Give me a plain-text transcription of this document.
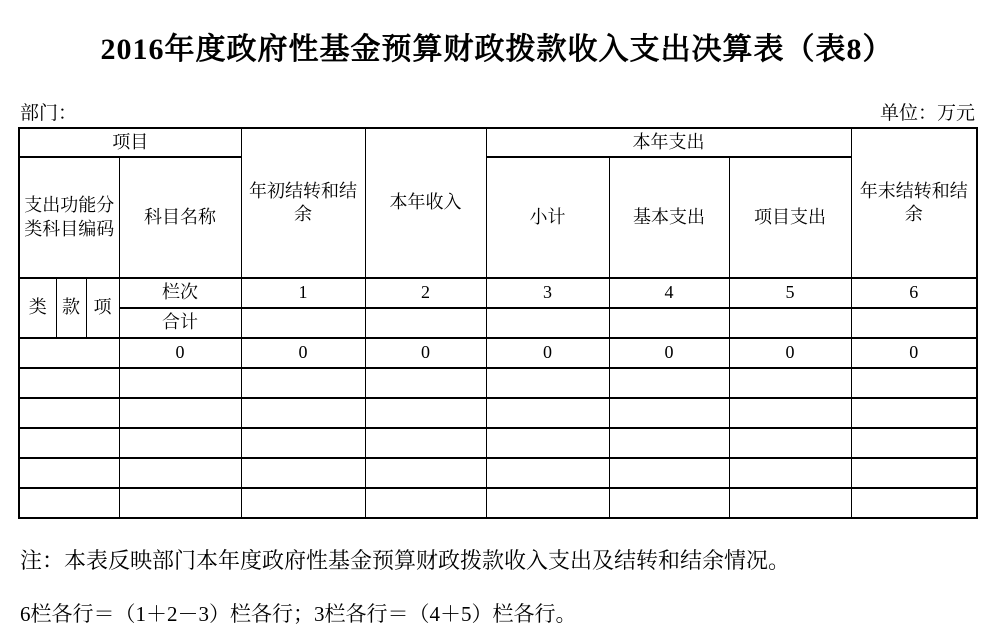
2016年度政府性基金预算财政拨款收入支出决算表（表8）
部门：	单位：万元
项目				年初结转和结余	本年收入	本年支出			年末结转和结余
支出功能分类科目编码			科目名称			小计	基本支出	项目支出	
类	款	项	栏次	1	2	3	4	5	6
			合计						
			0	0	0	0	0	0	0

注：本表反映部门本年度政府性基金预算财政拨款收入支出及结转和结余情况。
6栏各行＝（1＋2－3）栏各行；3栏各行＝（4＋5）栏各行。
